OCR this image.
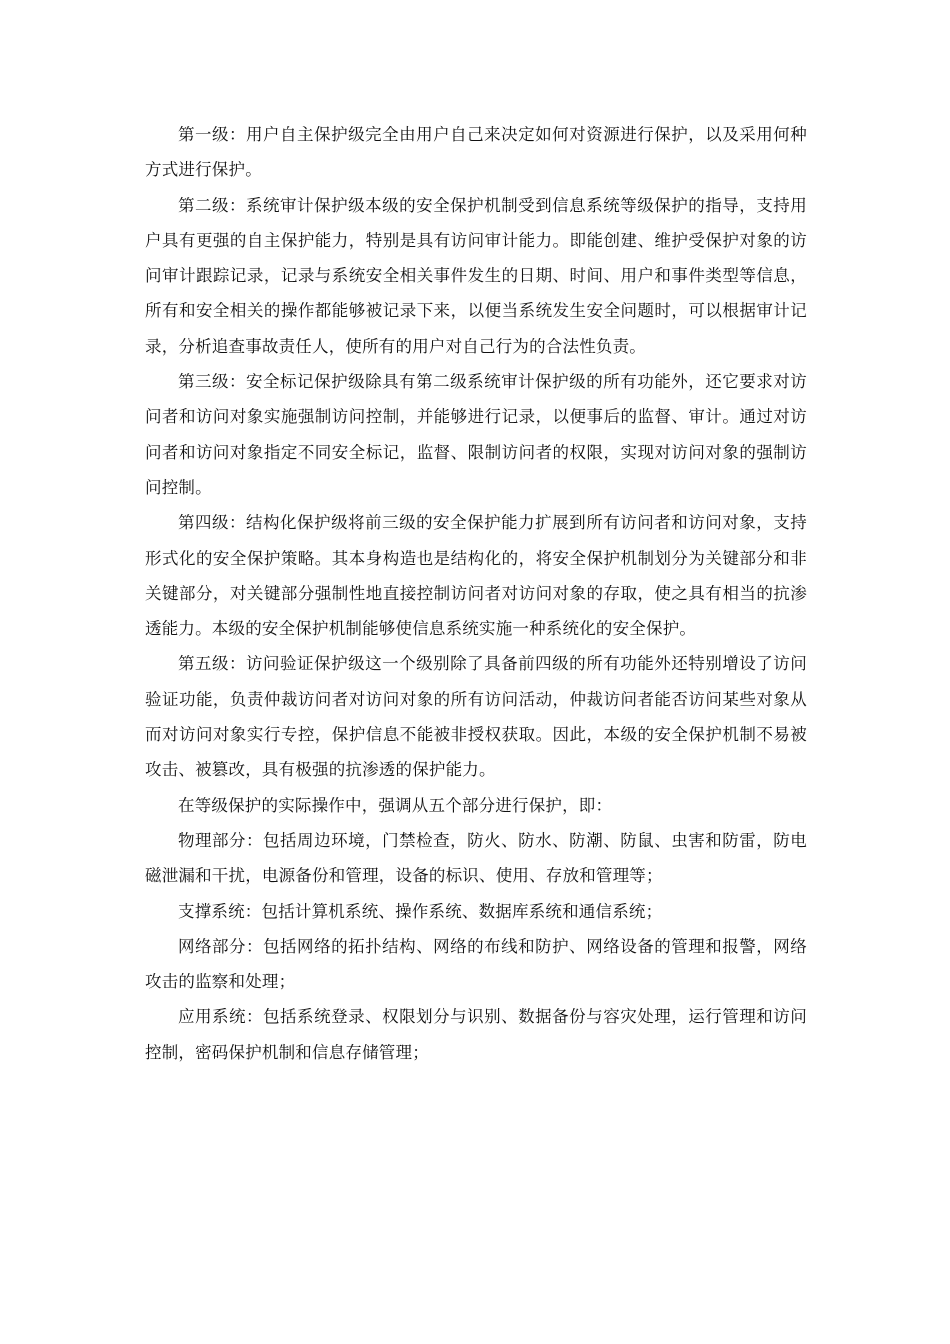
第一级：用户自主保护级完全由用户自己来决定如何对资源进行保护，以及采用何种方式进行保护。

第二级：系统审计保护级本级的安全保护机制受到信息系统等级保护的指导，支持用户具有更强的自主保护能力，特别是具有访问审计能力。即能创建、维护受保护对象的访问审计跟踪记录，记录与系统安全相关事件发生的日期、时间、用户和事件类型等信息，所有和安全相关的操作都能够被记录下来，以便当系统发生安全问题时，可以根据审计记录，分析追查事故责任人，使所有的用户对自己行为的合法性负责。

第三级：安全标记保护级除具有第二级系统审计保护级的所有功能外，还它要求对访问者和访问对象实施强制访问控制，并能够进行记录，以便事后的监督、审计。通过对访问者和访问对象指定不同安全标记，监督、限制访问者的权限，实现对访问对象的强制访问控制。

第四级：结构化保护级将前三级的安全保护能力扩展到所有访问者和访问对象，支持形式化的安全保护策略。其本身构造也是结构化的，将安全保护机制划分为关键部分和非关键部分，对关键部分强制性地直接控制访问者对访问对象的存取，使之具有相当的抗渗透能力。本级的安全保护机制能够使信息系统实施一种系统化的安全保护。

第五级：访问验证保护级这一个级别除了具备前四级的所有功能外还特别增设了访问验证功能，负责仲裁访问者对访问对象的所有访问活动，仲裁访问者能否访问某些对象从而对访问对象实行专控，保护信息不能被非授权获取。因此，本级的安全保护机制不易被攻击、被篡改，具有极强的抗渗透的保护能力。

在等级保护的实际操作中，强调从五个部分进行保护，即：

物理部分：包括周边环境，门禁检查，防火、防水、防潮、防鼠、虫害和防雷，防电磁泄漏和干扰，电源备份和管理，设备的标识、使用、存放和管理等；

支撑系统：包括计算机系统、操作系统、数据库系统和通信系统；

网络部分：包括网络的拓扑结构、网络的布线和防护、网络设备的管理和报警，网络攻击的监察和处理；

应用系统：包括系统登录、权限划分与识别、数据备份与容灾处理，运行管理和访问控制，密码保护机制和信息存储管理；
